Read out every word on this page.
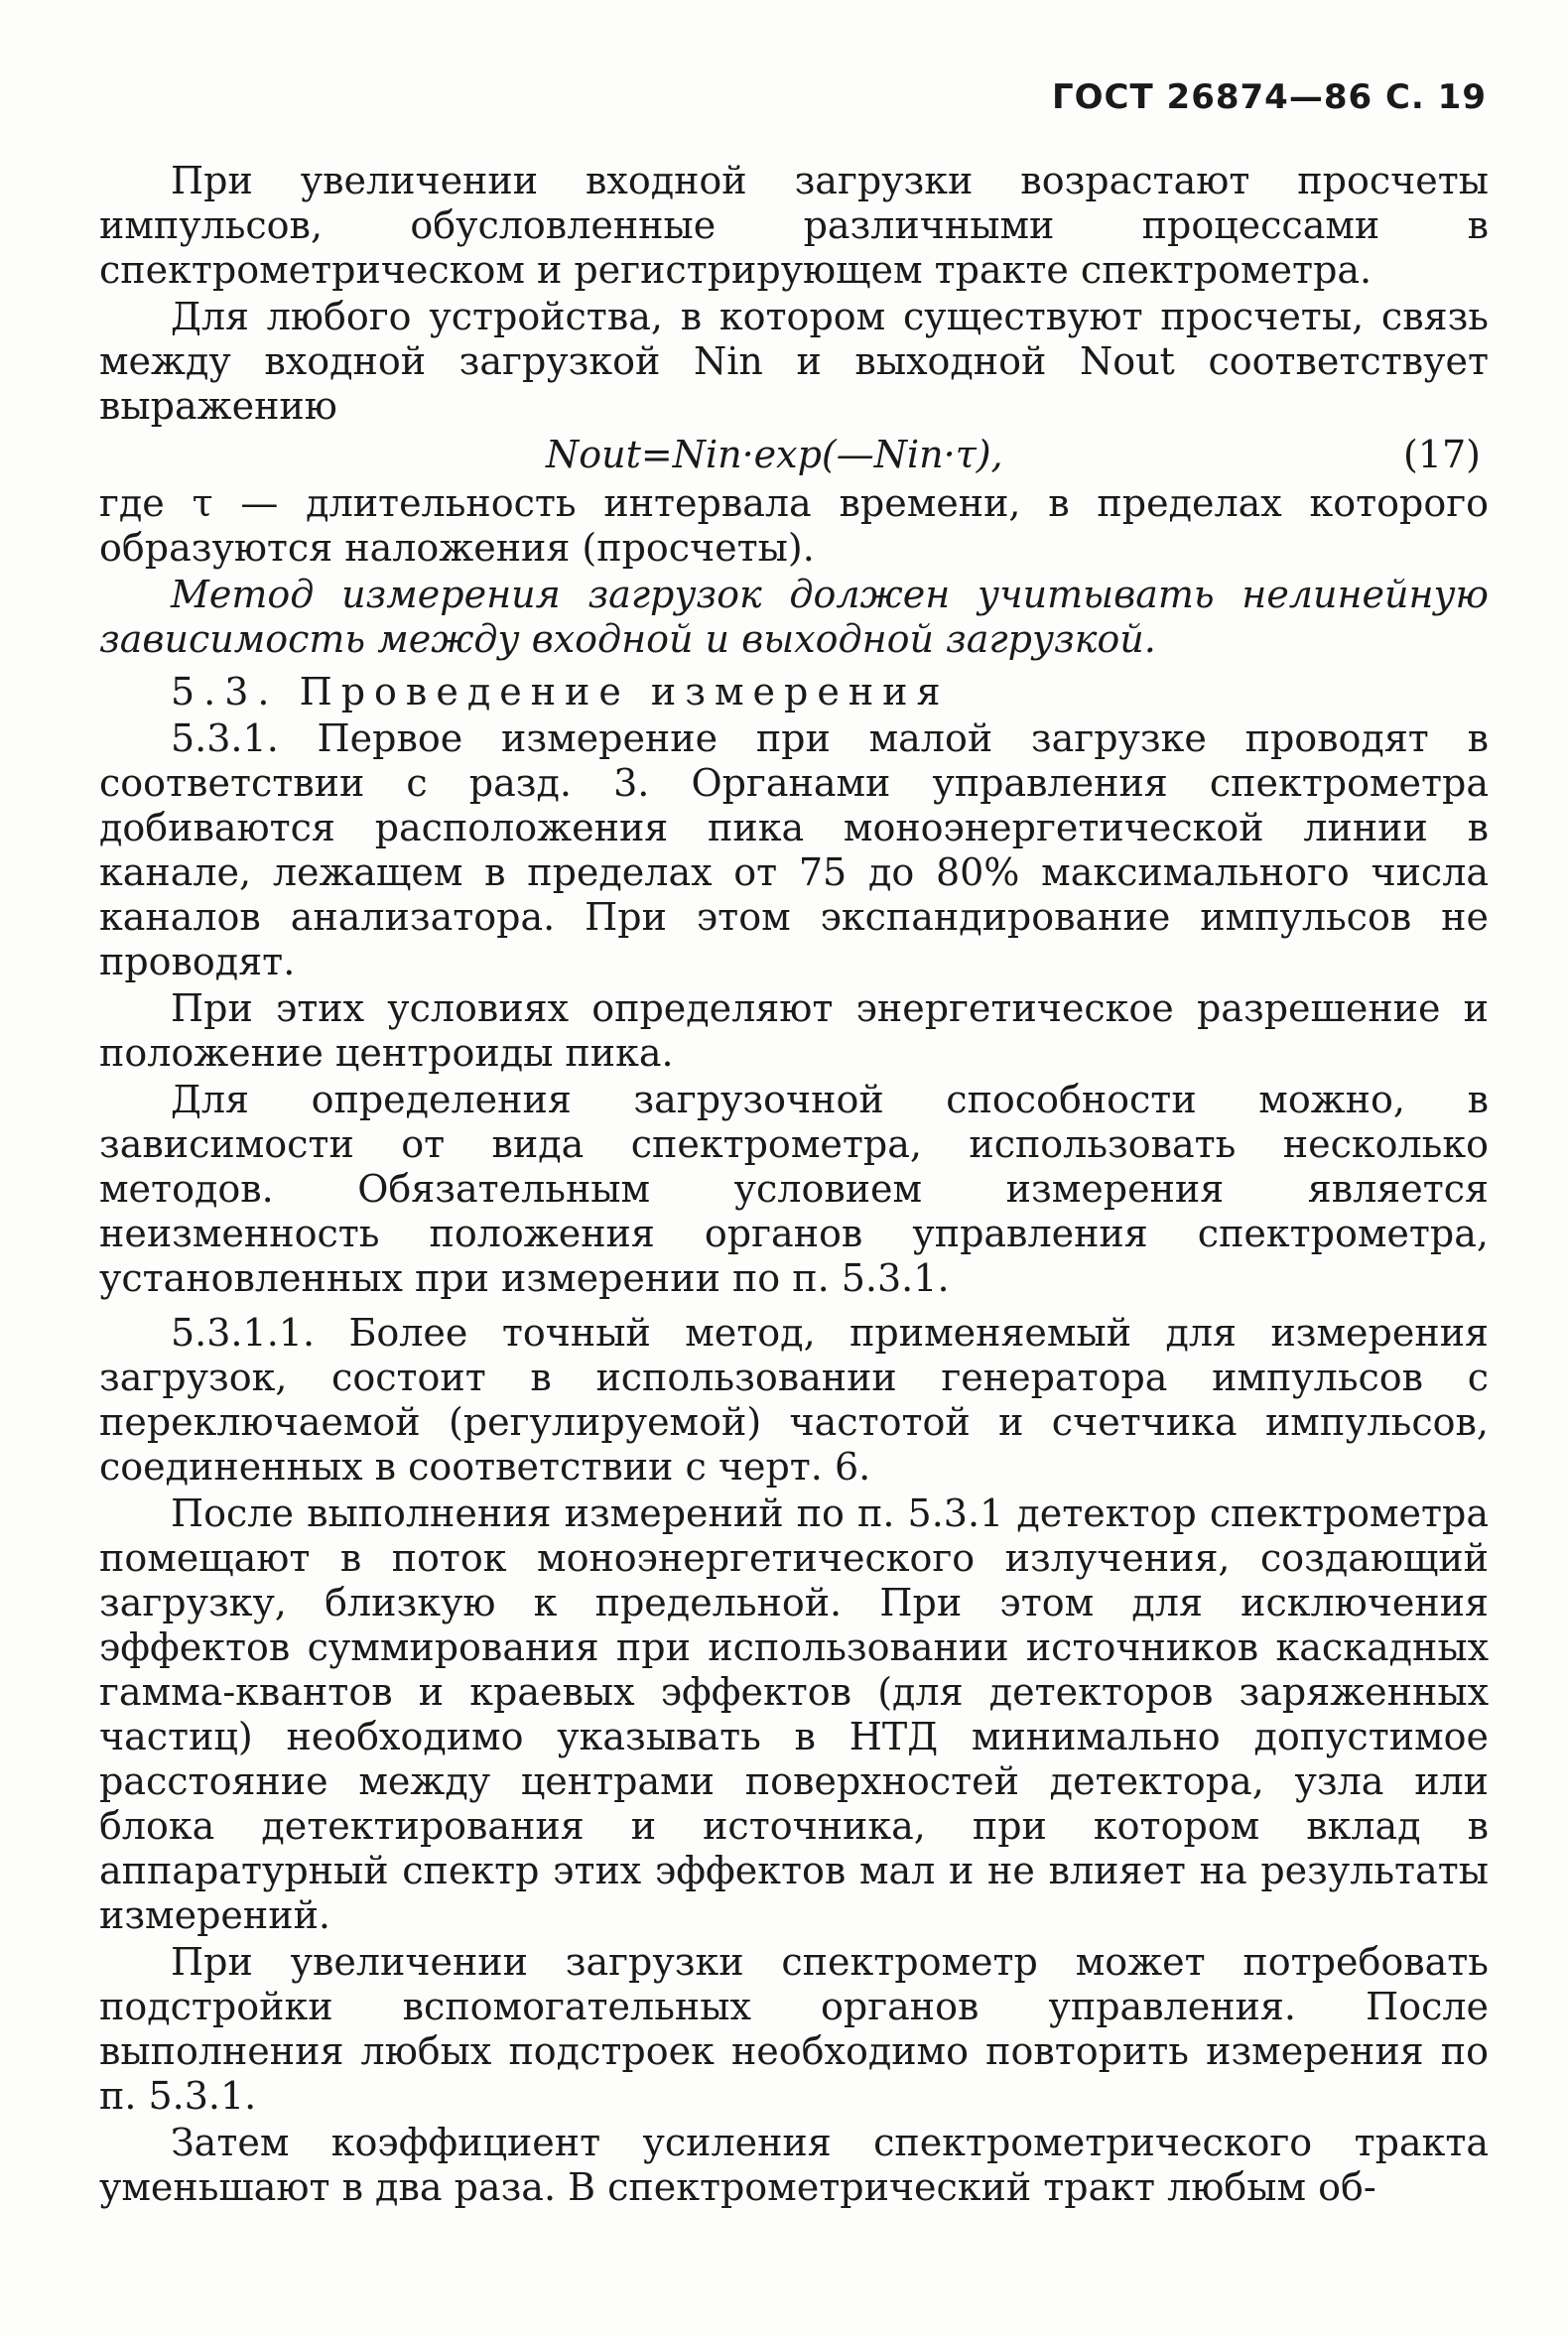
ГОСТ 26874—86 С. 19

При увеличении входной загрузки возрастают просчеты импульсов, обусловленные различными процессами в спектрометрическом и регистрирующем тракте спектрометра.

Для любого устройства, в котором существуют просчеты, связь между входной загрузкой Nin и выходной Nout соответствует выражению

Nout=Nin·exp(—Nin·τ),	(17)

где τ — длительность интервала времени, в пределах которого образуются наложения (просчеты).

Метод измерения загрузок должен учитывать нелинейную зависимость между входной и выходной загрузкой.

5.3. Проведение измерения

5.3.1. Первое измерение при малой загрузке проводят в соответствии с разд. 3. Органами управления спектрометра добиваются расположения пика моноэнергетической линии в канале, лежащем в пределах от 75 до 80% максимального числа каналов анализатора. При этом экспандирование импульсов не проводят.

При этих условиях определяют энергетическое разрешение и положение центроиды пика.

Для определения загрузочной способности можно, в зависимости от вида спектрометра, использовать несколько методов. Обязательным условием измерения является неизменность положения органов управления спектрометра, установленных при измерении по п. 5.3.1.

5.3.1.1. Более точный метод, применяемый для измерения загрузок, состоит в использовании генератора импульсов с переключаемой (регулируемой) частотой и счетчика импульсов, соединенных в соответствии с черт. 6.

После выполнения измерений по п. 5.3.1 детектор спектрометра помещают в поток моноэнергетического излучения, создающий загрузку, близкую к предельной. При этом для исключения эффектов суммирования при использовании источников каскадных гамма-квантов и краевых эффектов (для детекторов заряженных частиц) необходимо указывать в НТД минимально допустимое расстояние между центрами поверхностей детектора, узла или блока детектирования и источника, при котором вклад в аппаратурный спектр этих эффектов мал и не влияет на результаты измерений.

При увеличении загрузки спектрометр может потребовать подстройки вспомогательных органов управления. После выполнения любых подстроек необходимо повторить измерения по п. 5.3.1.

Затем коэффициент усиления спектрометрического тракта уменьшают в два раза. В спектрометрический тракт любым об-
